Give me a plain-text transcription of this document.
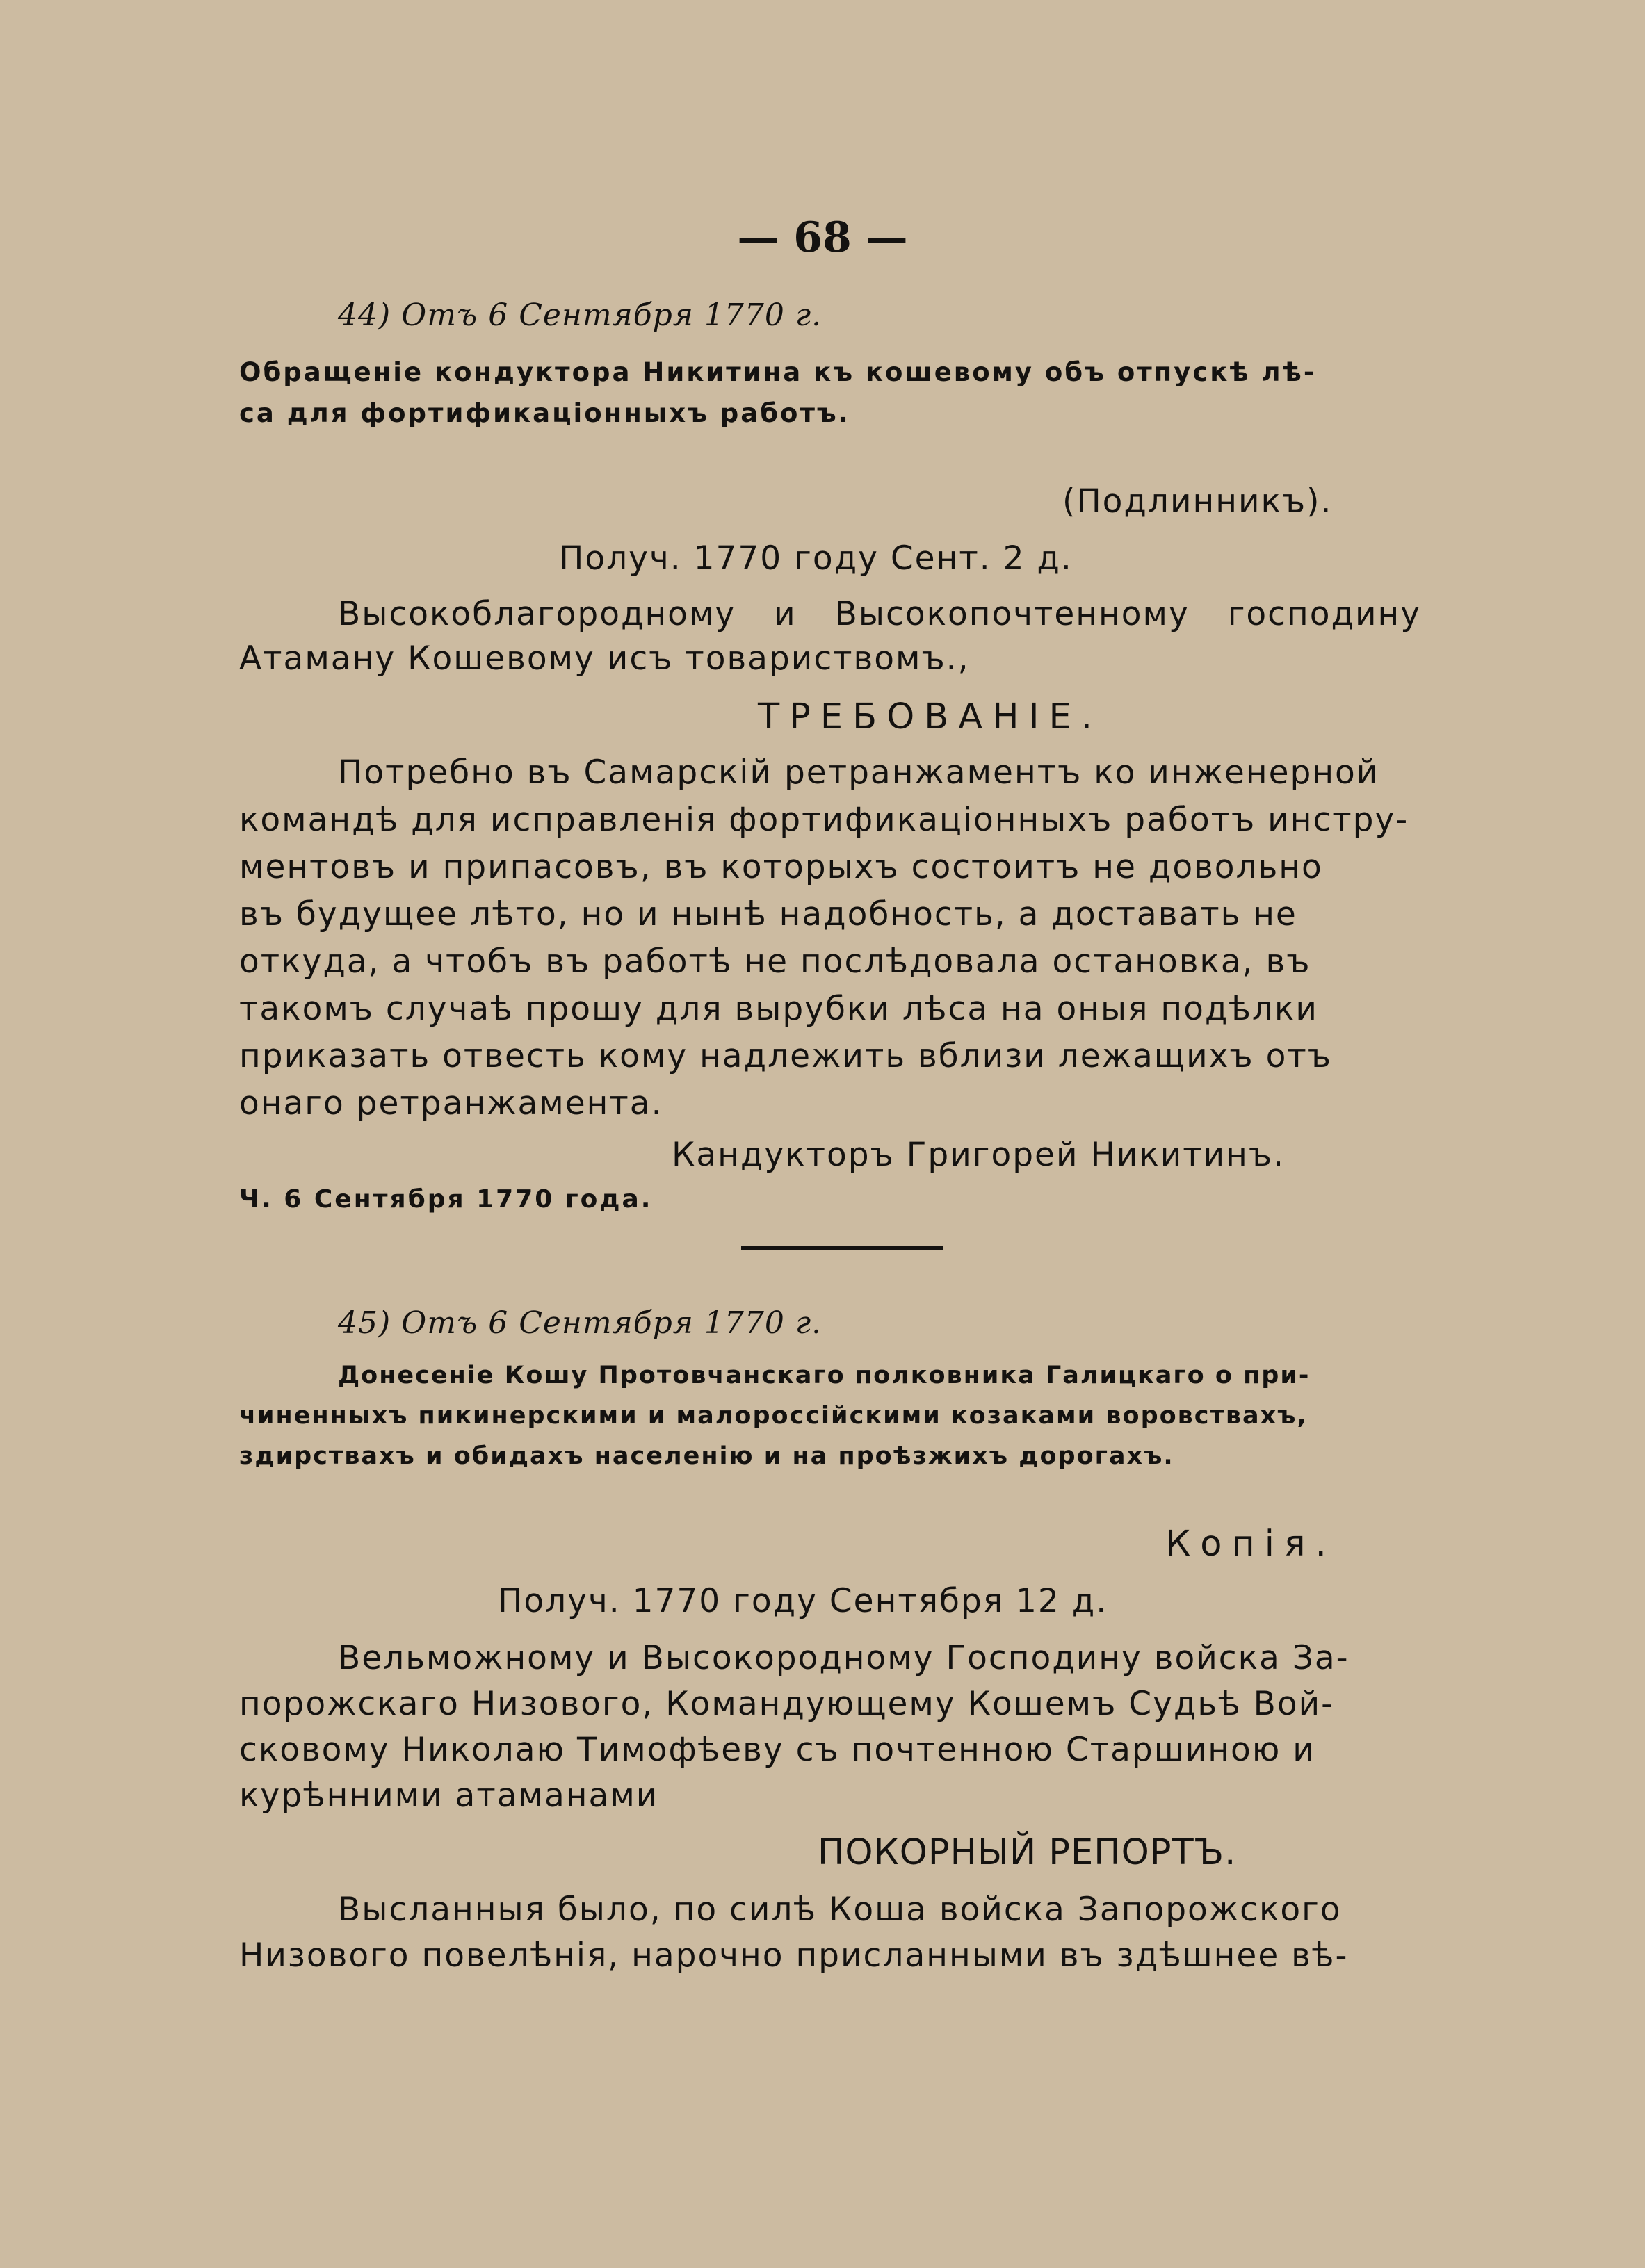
— 68 —
44) Отъ 6 Сентября 1770 г.
Обращеніе кондуктора Никитина къ кошевому объ отпускѣ лѣ-
са для фортификаціонныхъ работъ.
(Подлинникъ).
Получ. 1770 году Сент. 2 д.
Высокоблагородному и Высокопочтенному господину
Атаману Кошевому исъ товариствомъ.,
ТРЕБОВАНІЕ.
Потребно въ Самарскій ретранжаментъ ко инженерной
командѣ для исправленія фортификаціонныхъ работъ инстру-
ментовъ и припасовъ, въ которыхъ состоитъ не довольно
въ будущее лѣто, но и нынѣ надобность, а доставать не
откуда, а чтобъ въ работѣ не послѣдовала остановка, въ
такомъ случаѣ прошу для вырубки лѣса на оныя подѣлки
приказать отвесть кому надлежить вблизи лежащихъ отъ
онаго ретранжамента.
Кандукторъ Григорей Никитинъ.
Ч. 6 Сентября 1770 года.
45) Отъ 6 Сентября 1770 г.
Донесеніе Кошу Протовчанскаго полковника Галицкаго о при-
чиненныхъ пикинерскими и малороссійскими козаками воровствахъ,
здирствахъ и обидахъ населенію и на проѣзжихъ дорогахъ.
Копія.
Получ. 1770 году Сентября 12 д.
Вельможному и Высокородному Господину войска За-
порожскаго Низового, Командующему Кошемъ Судьѣ Вой-
сковому Николаю Тимофѣеву съ почтенною Старшиною и
курѣнними атаманами
ПОКОРНЫЙ РЕПОРТЪ.
Высланныя было, по силѣ Коша войска Запорожского
Низового повелѣнія, нарочно присланными въ здѣшнее вѣ-
